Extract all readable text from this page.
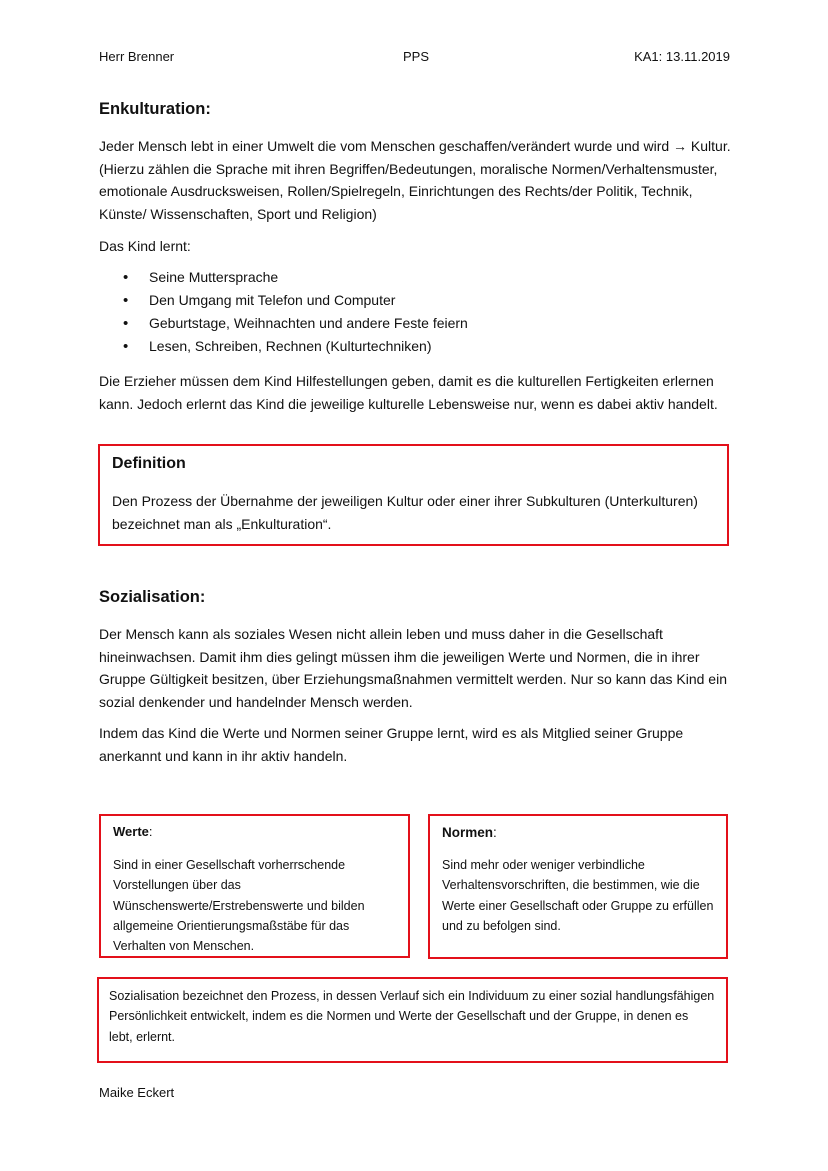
Herr Brenner	PPS	KA1: 13.11.2019
Enkulturation:

Jeder Mensch lebt in einer Umwelt die vom Menschen geschaffen/verändert wurde und wird → Kultur. (Hierzu zählen die Sprache mit ihren Begriffen/Bedeutungen, moralische Normen/Verhaltensmuster, emotionale Ausdrucksweisen, Rollen/Spielregeln, Einrichtungen des Rechts/der Politik, Technik, Künste/ Wissenschaften, Sport und Religion)

Das Kind lernt:

• Seine Muttersprache
• Den Umgang mit Telefon und Computer
• Geburtstage, Weihnachten und andere Feste feiern
• Lesen, Schreiben, Rechnen (Kulturtechniken)

Die Erzieher müssen dem Kind Hilfestellungen geben, damit es die kulturellen Fertigkeiten erlernen kann. Jedoch erlernt das Kind die jeweilige kulturelle Lebensweise nur, wenn es dabei aktiv handelt.

Definition

Den Prozess der Übernahme der jeweiligen Kultur oder einer ihrer Subkulturen (Unterkulturen) bezeichnet man als „Enkulturation“.

Sozialisation:

Der Mensch kann als soziales Wesen nicht allein leben und muss daher in die Gesellschaft hineinwachsen. Damit ihm dies gelingt müssen ihm die jeweiligen Werte und Normen, die in ihrer Gruppe Gültigkeit besitzen, über Erziehungsmaßnahmen vermittelt werden. Nur so kann das Kind ein sozial denkender und handelnder Mensch werden.

Indem das Kind die Werte und Normen seiner Gruppe lernt, wird es als Mitglied seiner Gruppe anerkannt und kann in ihr aktiv handeln.

Werte:

Sind in einer Gesellschaft vorherrschende Vorstellungen über das Wünschenswerte/Erstrebenswerte und bilden allgemeine Orientierungsmaßstäbe für das Verhalten von Menschen.

Normen:

Sind mehr oder weniger verbindliche Verhaltensvorschriften, die bestimmen, wie die Werte einer Gesellschaft oder Gruppe zu erfüllen und zu befolgen sind.

Sozialisation bezeichnet den Prozess, in dessen Verlauf sich ein Individuum zu einer sozial handlungsfähigen Persönlichkeit entwickelt, indem es die Normen und Werte der Gesellschaft und der Gruppe, in denen es lebt, erlernt.

Maike Eckert
